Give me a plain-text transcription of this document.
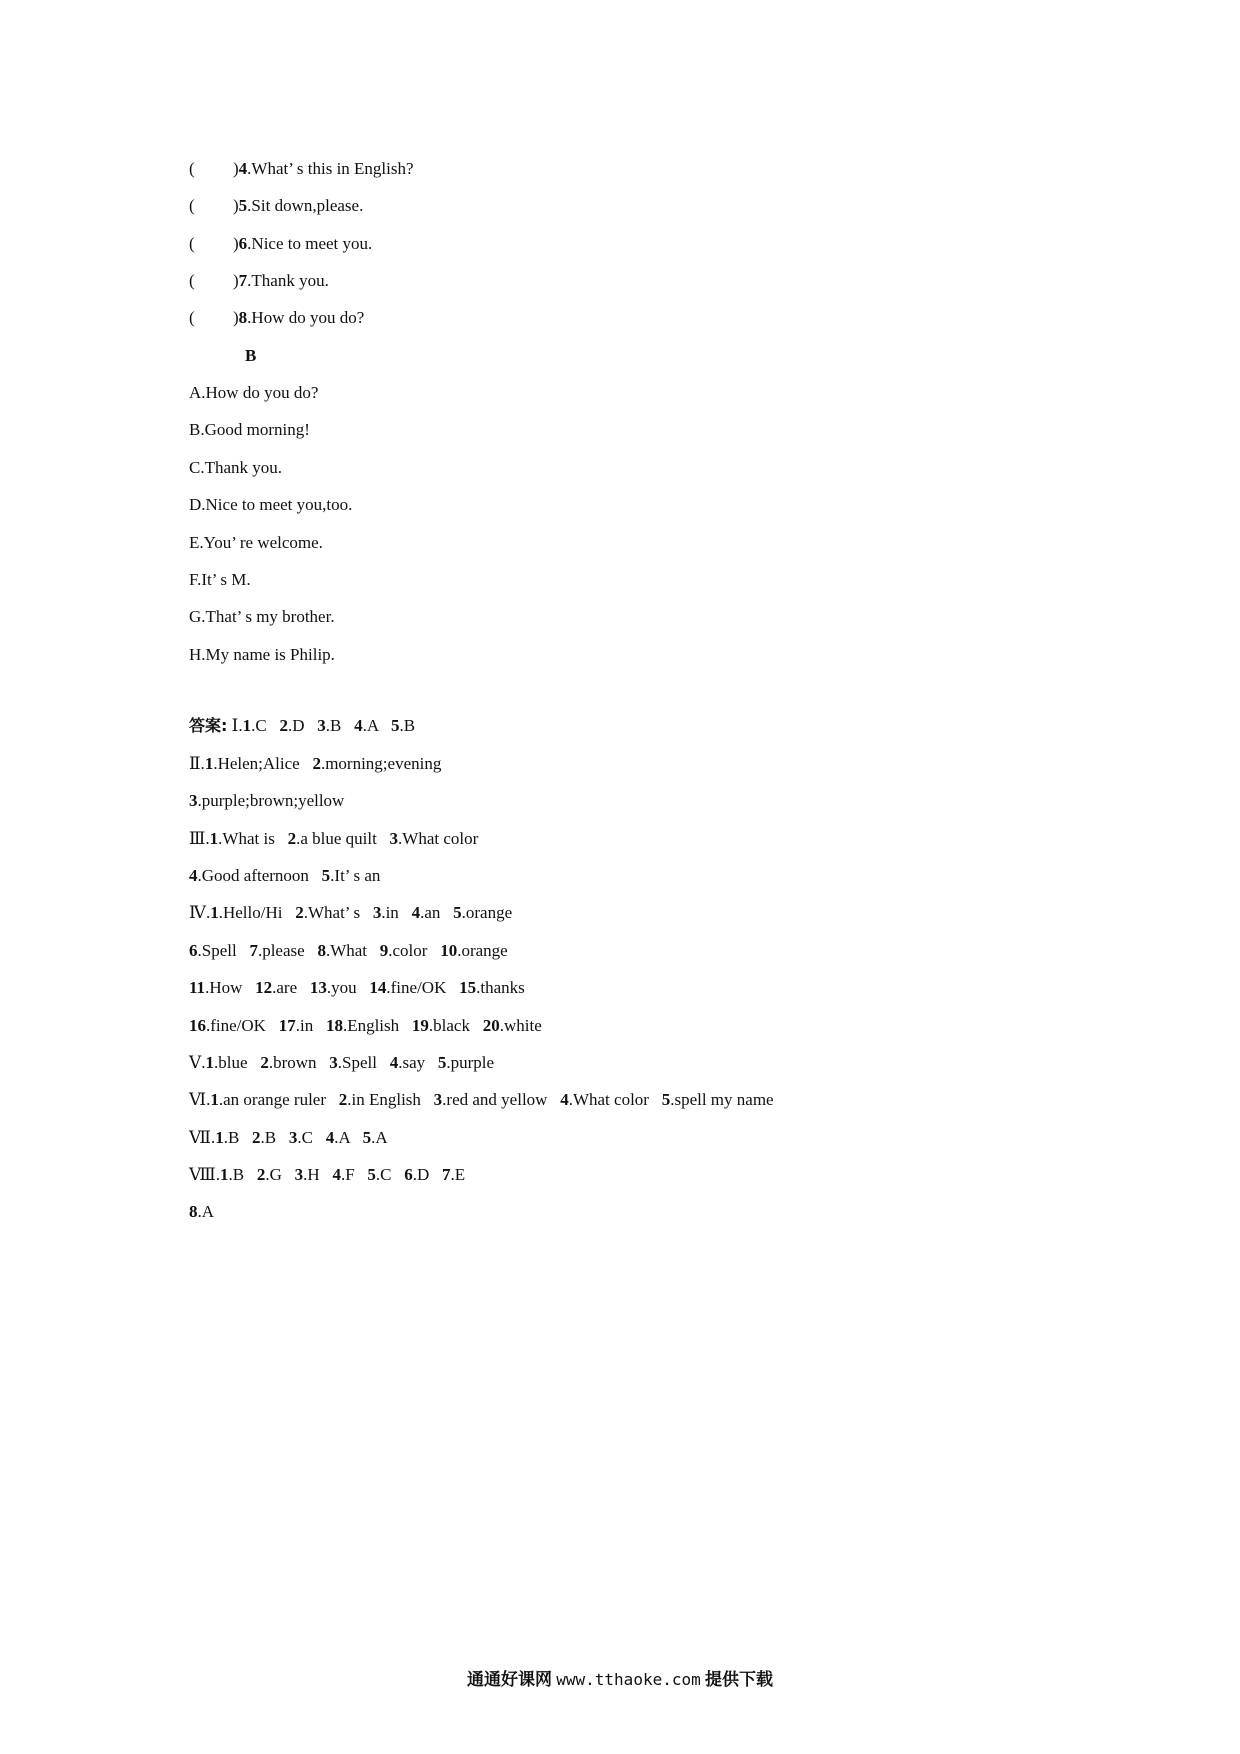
( )4.What’ s this in English?
( )5.Sit down,please.
( )6.Nice to meet you.
( )7.Thank you.
( )8.How do you do?
B
A.How do you do?
B.Good morning!
C.Thank you.
D.Nice to meet you,too.
E.You’ re welcome.
F.It’ s M.
G.That’ s my brother.
H.My name is Philip.
答案: Ⅰ.1.C   2.D   3.B   4.A   5.B
Ⅱ.1.Helen;Alice   2.morning;evening
3.purple;brown;yellow
Ⅲ.1.What is   2.a blue quilt   3.What color
4.Good afternoon   5.It’ s an
Ⅳ.1.Hello/Hi   2.What’ s   3.in   4.an   5.orange
6.Spell   7.please   8.What   9.color   10.orange
11.How   12.are   13.you   14.fine/OK   15.thanks
16.fine/OK   17.in   18.English   19.black   20.white
Ⅴ.1.blue   2.brown   3.Spell   4.say   5.purple
Ⅵ.1.an orange ruler   2.in English   3.red and yellow   4.What color   5.spell my name
Ⅶ.1.B   2.B   3.C   4.A   5.A
Ⅷ.1.B   2.G   3.H   4.F   5.C   6.D   7.E
8.A
通通好课网 www.tthaoke.com 提供下载
